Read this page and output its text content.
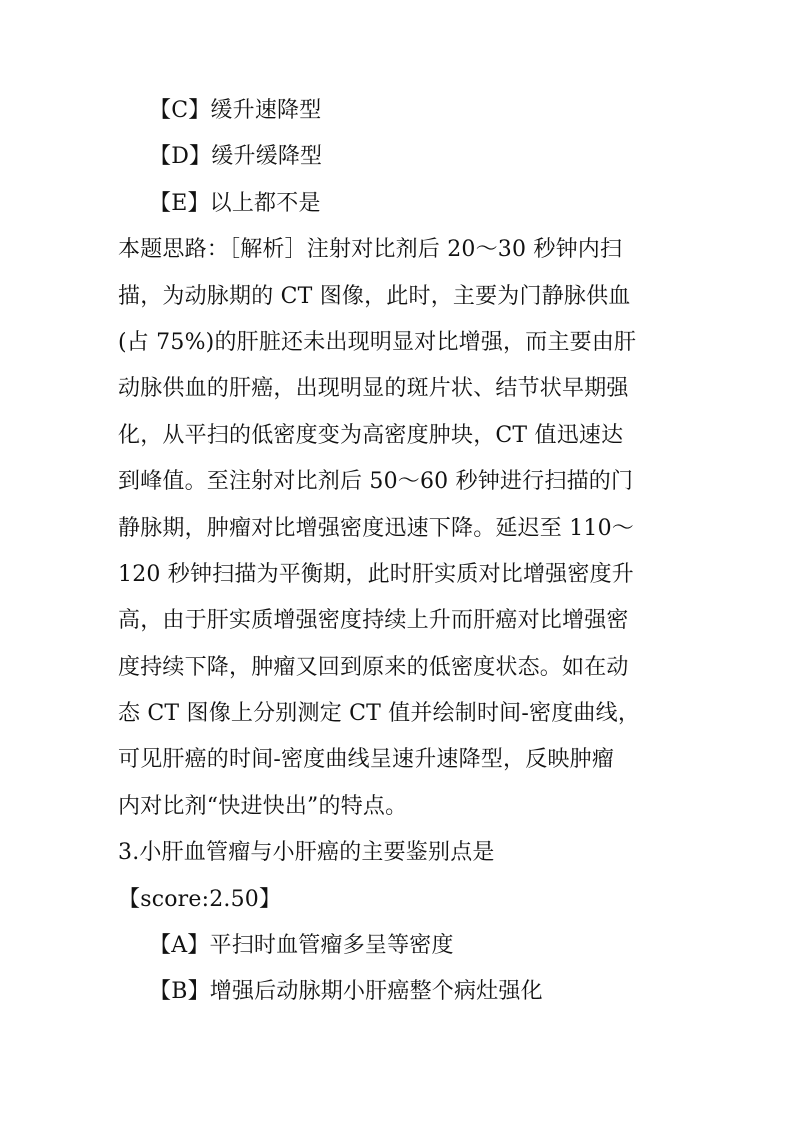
【C】缓升速降型
【D】缓升缓降型
【E】以上都不是
本题思路：［解析］注射对比剂后 20～30 秒钟内扫
描，为动脉期的 CT 图像，此时，主要为门静脉供血
(占 75%)的肝脏还未出现明显对比增强，而主要由肝
动脉供血的肝癌，出现明显的斑片状、结节状早期强
化，从平扫的低密度变为高密度肿块，CT 值迅速达
到峰值。至注射对比剂后 50～60 秒钟进行扫描的门
静脉期，肿瘤对比增强密度迅速下降。延迟至 110～
120 秒钟扫描为平衡期，此时肝实质对比增强密度升
高，由于肝实质增强密度持续上升而肝癌对比增强密
度持续下降，肿瘤又回到原来的低密度状态。如在动
态 CT 图像上分别测定 CT 值并绘制时间-密度曲线，
可见肝癌的时间-密度曲线呈速升速降型，反映肿瘤
内对比剂“快进快出”的特点。
3.小肝血管瘤与小肝癌的主要鉴别点是
【score:2.50】
【A】平扫时血管瘤多呈等密度
【B】增强后动脉期小肝癌整个病灶强化
